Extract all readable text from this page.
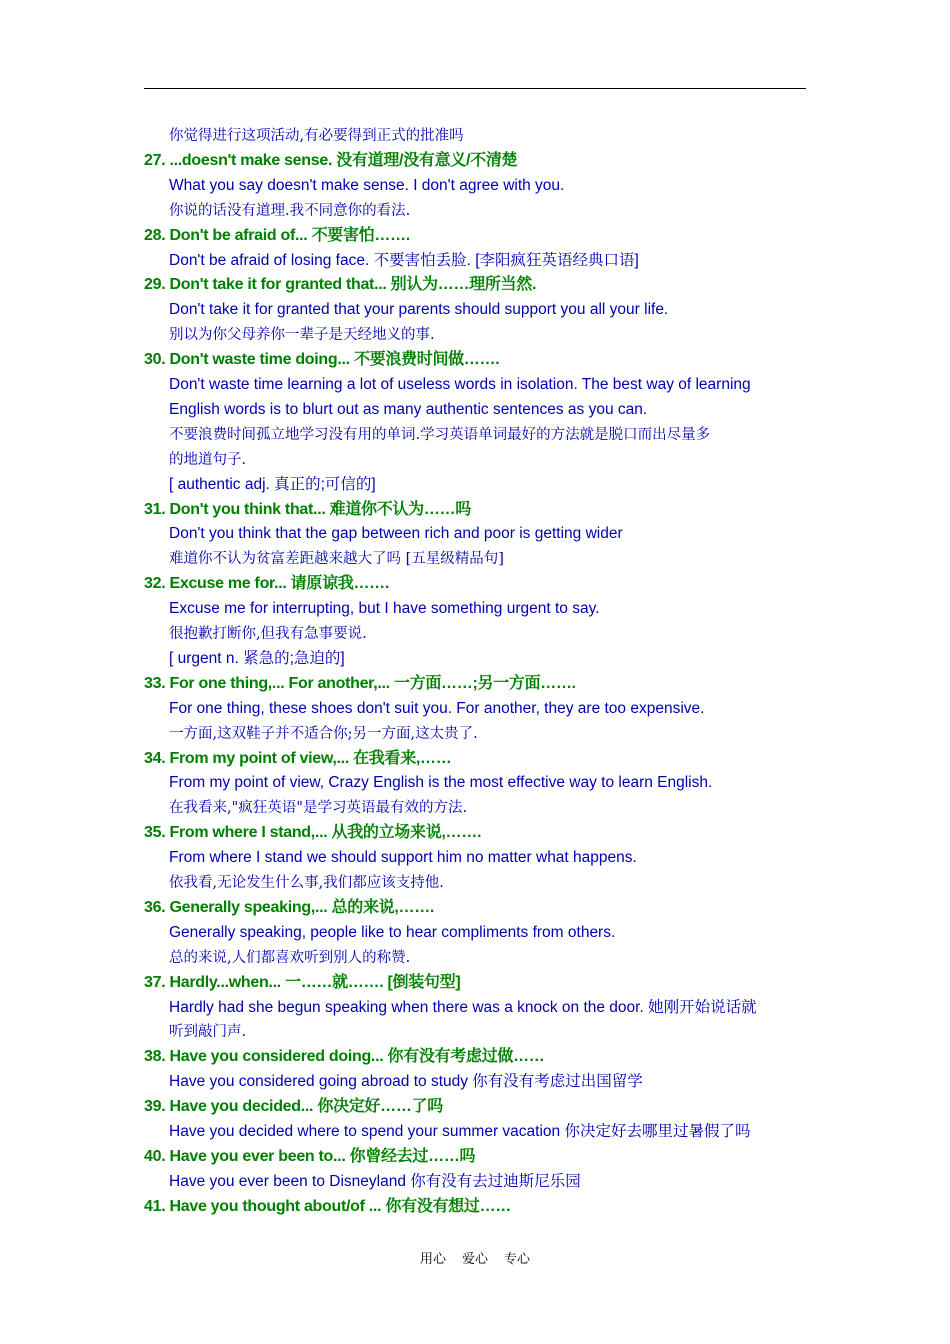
你觉得进行这项活动,有必要得到正式的批准吗
27. ...doesn't make sense. 没有道理/没有意义/不清楚
What you say doesn't make sense. I don't agree with you.
你说的话没有道理.我不同意你的看法.
28. Don't be afraid of... 不要害怕…….
Don't be afraid of losing face. 不要害怕丢脸. [李阳疯狂英语经典口语]
29. Don't take it for granted that... 别认为……理所当然.
Don't take it for granted that your parents should support you all your life.
别以为你父母养你一辈子是天经地义的事.
30. Don't waste time doing... 不要浪费时间做…….
Don't waste time learning a lot of useless words in isolation. The best way of learning
English words is to blurt out as many authentic sentences as you can.
不要浪费时间孤立地学习没有用的单词.学习英语单词最好的方法就是脱口而出尽量多
的地道句子.
[ authentic adj. 真正的;可信的]
31. Don't you think that... 难道你不认为……吗
Don't you think that the gap between rich and poor is getting wider
难道你不认为贫富差距越来越大了吗 [五星级精品句]
32. Excuse me for... 请原谅我…….
Excuse me for interrupting, but I have something urgent to say.
很抱歉打断你,但我有急事要说.
[ urgent n. 紧急的;急迫的]
33. For one thing,... For another,... 一方面……;另一方面…….
For one thing, these shoes don't suit you. For another, they are too expensive.
一方面,这双鞋子并不适合你;另一方面,这太贵了.
34. From my point of view,... 在我看来,……
From my point of view, Crazy English is the most effective way to learn English.
在我看来,"疯狂英语"是学习英语最有效的方法.
35. From where I stand,... 从我的立场来说,…….
From where I stand we should support him no matter what happens.
依我看,无论发生什么事,我们都应该支持他.
36. Generally speaking,... 总的来说,…….
Generally speaking, people like to hear compliments from others.
总的来说,人们都喜欢听到别人的称赞.
37. Hardly...when... 一……就……. [倒装句型]
Hardly had she begun speaking when there was a knock on the door. 她刚开始说话就
听到敲门声.
38. Have you considered doing... 你有没有考虑过做……
Have you considered going abroad to study 你有没有考虑过出国留学
39. Have you decided... 你决定好……了吗
Have you decided where to spend your summer vacation 你决定好去哪里过暑假了吗
40. Have you ever been to... 你曾经去过……吗
Have you ever been to Disneyland 你有没有去过迪斯尼乐园
41. Have you thought about/of ... 你有没有想过……
用心 爱心 专心
